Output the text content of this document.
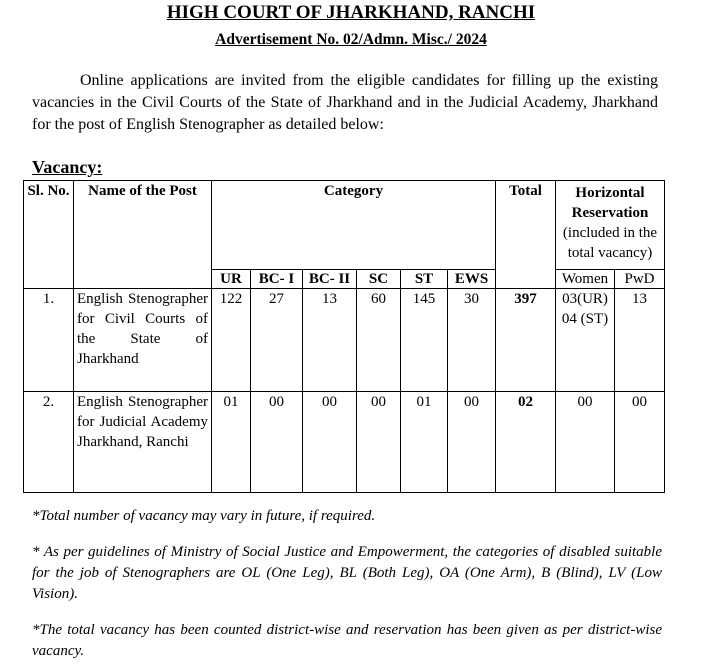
HIGH COURT OF JHARKHAND, RANCHI
Advertisement No. 02/Admn. Misc./ 2024
Online applications are invited from the eligible candidates for filling up the existing vacancies in the Civil Courts of the State of Jharkhand and in the Judicial Academy, Jharkhand for the post of English Stenographer as detailed below:
Vacancy:
Sl. No.	Name of the Post	Category						Total	Horizontal Reservation
(included in the total vacancy)	

		UR	BC- I	BC- II	SC	ST	EWS		Women	PwD
1.	English Stenographer for Civil Courts of the State of Jharkhand	122	27	13	60	145	30	397	03(UR) 04 (ST)	13
2.	English Stenographer for Judicial Academy Jharkhand, Ranchi	01	00	00	00	01	00	02	00	00
*Total number of vacancy may vary in future, if required.
* As per guidelines of Ministry of Social Justice and Empowerment, the categories of disabled suitable for the job of Stenographers are OL (One Leg), BL (Both Leg), OA (One Arm), B (Blind), LV (Low Vision).
*The total vacancy has been counted district-wise and reservation has been given as per district-wise vacancy.
